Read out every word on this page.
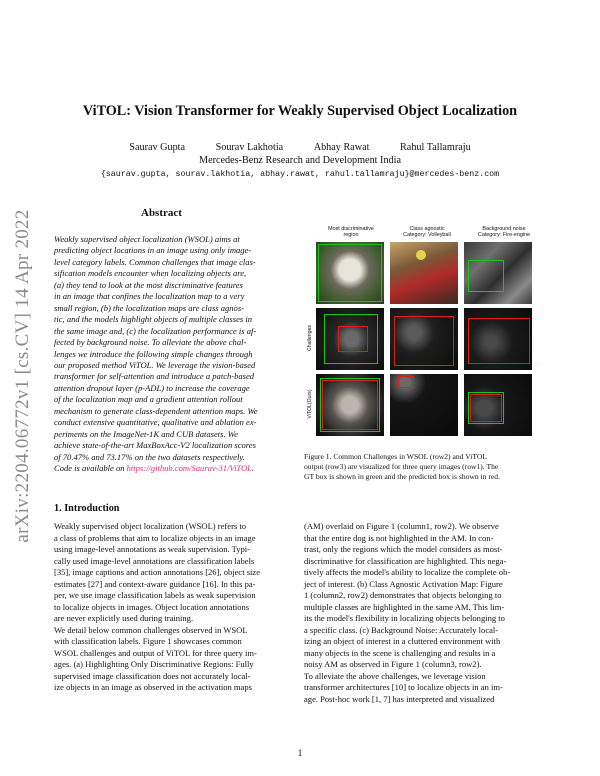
arXiv:2204.06772v1 [cs.CV] 14 Apr 2022
ViTOL: Vision Transformer for Weakly Supervised Object Localization
Saurav Gupta	Sourav Lakhotia	Abhay Rawat	Rahul Tallamraju
Mercedes-Benz Research and Development India
{saurav.gupta, sourav.lakhotia, abhay.rawat, rahul.tallamraju}@mercedes-benz.com
Abstract
Weakly supervised object localization (WSOL) aims at
predicting object locations in an image using only image-
level category labels. Common challenges that image clas-
sification models encounter when localizing objects are,
(a) they tend to look at the most discriminative features
in an image that confines the localization map to a very
small region, (b) the localization maps are class agnos-
tic, and the models highlight objects of multiple classes in
the same image and, (c) the localization performance is af-
fected by background noise. To alleviate the above chal-
lenges we introduce the following simple changes through
our proposed method ViTOL. We leverage the vision-based
transformer for self-attention and introduce a patch-based
attention dropout layer (p-ADL) to increase the coverage
of the localization map and a gradient attention rollout
mechanism to generate class-dependent attention maps. We
conduct extensive quantitative, qualitative and ablation ex-
periments on the ImageNet-1K and CUB datasets. We
achieve state-of-the-art MaxBoxAcc-V2 localization scores
of 70.47% and 73.17% on the two datasets respectively.
Code is available on https://github.com/Saurav-31/ViTOL.
Most discriminative
region
Class agnostic
Category: Volleyball
Background noise
Category: Fire-engine
Challenges
ViTOL(Ours)
Figure 1. Common Challenges in WSOL (row2) and ViTOL
output (row3) are visualized for three query images (row1). The
GT box is shown in green and the predicted box is shown in red.
1. Introduction
Weakly supervised object localization (WSOL) refers to
a class of problems that aim to localize objects in an image
using image-level annotations as weak supervision. Typi-
cally used image-level annotations are classification labels
[35], image captions and action annotations [26], object size
estimates [27] and context-aware guidance [16]. In this pa-
per, we use image classification labels as weak supervision
to localize objects in images. Object location annotations
are never explicitly used during training.
We detail below common challenges observed in WSOL
with classification labels. Figure 1 showcases common
WSOL challenges and output of ViTOL for three query im-
ages. (a) Highlighting Only Discriminative Regions: Fully
supervised image classification does not accurately local-
ize objects in an image as observed in the activation maps
(AM) overlaid on Figure 1 (column1, row2). We observe
that the entire dog is not highlighted in the AM. In con-
trast, only the regions which the model considers as most-
discriminative for classification are highlighted. This nega-
tively affects the model's ability to localize the complete ob-
ject of interest. (b) Class Agnostic Activation Map: Figure
1 (column2, row2) demonstrates that objects belonging to
multiple classes are highlighted in the same AM. This lim-
its the model's flexibility in localizing objects belonging to
a specific class. (c) Background Noise: Accurately local-
izing an object of interest in a cluttered environment with
many objects in the scene is challenging and results in a
noisy AM as observed in Figure 1 (column3, row2).
To alleviate the above challenges, we leverage vision
transformer architectures [10] to localize objects in an im-
age. Post-hoc work [1, 7] has interpreted and visualized
1
